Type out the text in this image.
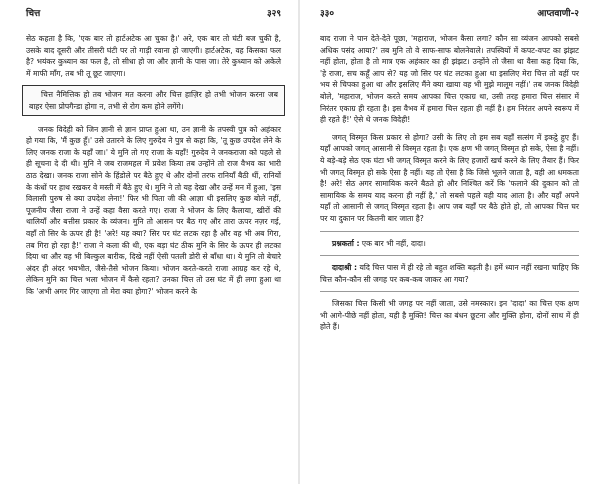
चित्त	३२९

सेठ कहता है कि, 'एक बार तो हार्टअटेक आ चुका है।' अरे, एक बार तो घंटी बज चुकी है, उसके बाद दूसरी और तीसरी घंटी पर तो गाड़ी रवाना हो जाएगी। हार्टअटेक, वह किसका फल है? भयंकर कुध्यान का फल है, तो सीधा हो जा और ज्ञानी के पास जा। तेरे कुध्यान को अकेले में माफी माँग, तब भी तू छूट जाएगा।

चित्त नैमित्तिक हो तब भोजन मत करना और चित्त हाज़िर हो तभी भोजन करना जब बाहर ऐसा प्रोपगैन्डा होगा न, तभी से रोग कम होने लगेंगे।

जनक विदेही को जिन ज्ञानी से ज्ञान प्राप्त हुआ था, उन ज्ञानी के तपस्वी पुत्र को अहंकार हो गया कि, 'मैं कुछ हूँ।' उसे उतारने के लिए गुरुदेव ने पुत्र से कहा कि, 'तू कुछ उपदेश लेने के लिए जनक राजा के यहाँ जा।' ये मुनि तो गए राजा के यहाँ! गुरुदेव ने जनकराजा को पहले से ही सूचना दे दी थी। मुनि ने जब राजमहल में प्रवेश किया तब उन्होंने तो राज वैभव का भारी ठाठ देखा। जनक राजा सोने के हिंडोले पर बैठे हुए थे और दोनों तरफ रानियाँ बैठी थीं, रानियों के कंधों पर हाथ रखकर वे मस्ती में बैठे हुए थे। मुनि ने तो यह देखा और उन्हें मन में हुआ, 'इस विलासी पुरुष से क्या उपदेश लेना!' फिर भी पिता जी की आज्ञा थी इसलिए कुछ बोले नहीं, पूजनीय जैसा राजा ने उन्हें कहा वैसा करते गए। राजा ने भोजन के लिए कैलाया, खीरों की थालियाँ और बत्तीस प्रकार के व्यंजन। मुनि तो आसन पर बैठ गए और तारा ऊपर नज़र गई, वहाँ तो सिर के ऊपर ही है! 'अरे! यह क्या? सिर पर घंट लटक रहा है और वह भी अब गिरा, तब गिरा हो रहा है!' राजा ने कला की थी, एक बड़ा घंट ठीक मुनि के सिर के ऊपर ही लटका दिया था और वह भी बिल्कुल बारीक, दिखे नहीं ऐसी पतली डोरी से बाँधा था। ये मुनि तो बेचारे अंदर ही अंदर भयभीत, जैसे-तैसे भोजन किया। भोजन करते-करते राजा आग्रह कर रहे थे, लेकिन मुनि का चित्त भला भोजन में कैसे रहता? उनका चित्त तो उस घंट में ही लगा हुआ था कि 'अभी अगर गिर जाएगा तो मेरा क्या होगा?' भोजन करने के

३३०	आप्तवाणी-२

बाद राजा ने पान देते-देते पूछा, 'महाराज, भोजन कैसा लगा? कौन सा व्यंजन आपको सबसे अधिक पसंद आया?' तब मुनि तो वे साफ-साफ बोलनेवाले। तपस्वियों में कपट-वपट का झंझट नहीं होता, होता है तो मात्र एक अहंकार का ही झंझट। उन्होंने तो जैसा था वैसा कह दिया कि, 'हे राजा, सच कहूँ आप से? यह जो सिर पर घंट लटका हुआ था इसलिए मेरा चित्त तो वहीं पर भय से चिपका हुआ था और इसलिए मैंने क्या खाया वह भी मुझे मालूम नहीं।' तब जनक विदेही बोले, 'महाराज, भोजन करते समय आपका चित्त एकाग्र था, उसी तरह हमारा चित्त संसार में निरंतर एकाग्र ही रहता है। इस वैभव में हमारा चित्त रहता ही नहीं है। हम निरंतर अपने स्वरूप में ही रहते हैं!' ऐसे थे जनक विदेही!

जगत् विस्मृत किस प्रकार से होगा? उसी के लिए तो हम सब यहाँ सत्संग में इकट्ठे हुए हैं। यहाँ आपको जगत् आसानी से विस्मृत रहता है। एक क्षण भी जगत् विस्मृत हो सके, ऐसा है नहीं। ये बड़े-बड़े सेठ एक घंटा भी जगत् विस्मृत करने के लिए हजारों खर्च करने के लिए तैयार हैं। फिर भी जगत् विस्मृत हो सके ऐसा है नहीं। यह तो ऐसा है कि जिसे भूलने जाता है, वही आ धमकता है! अरे! सेठ अगर सामायिक करने बैठते हो और निश्चित करें कि 'फलाने की दुकान को तो सामायिक के समय याद करना ही नहीं है,' तो सबसे पहले वही याद आता है। और यहाँ अपने यहाँ तो आसानी से जगत् विस्मृत रहता है। आप जब यहाँ पर बैठे होते हो, तो आपका चित्त घर पर या दुकान पर कितनी बार जाता है?

प्रश्नकर्ता : एक बार भी नहीं, दादा।

दादाश्री : यदि चित्त पास में ही रहे तो बहुत शक्ति बढ़ती है। हमें ध्यान नहीं रखना चाहिए कि चित्त कौन-कौन सी जगह पर कब-कब जाकर आ गया?

जिसका चित्त किसी भी जगह पर नहीं जाता, उसे नमस्कार। इन 'दादा' का चित्त एक क्षण भी आगे-पीछे नहीं होता, यही है मुक्ति! चित्त का बंधन छूटना और मुक्ति होना, दोनों साथ में ही होते हैं।
